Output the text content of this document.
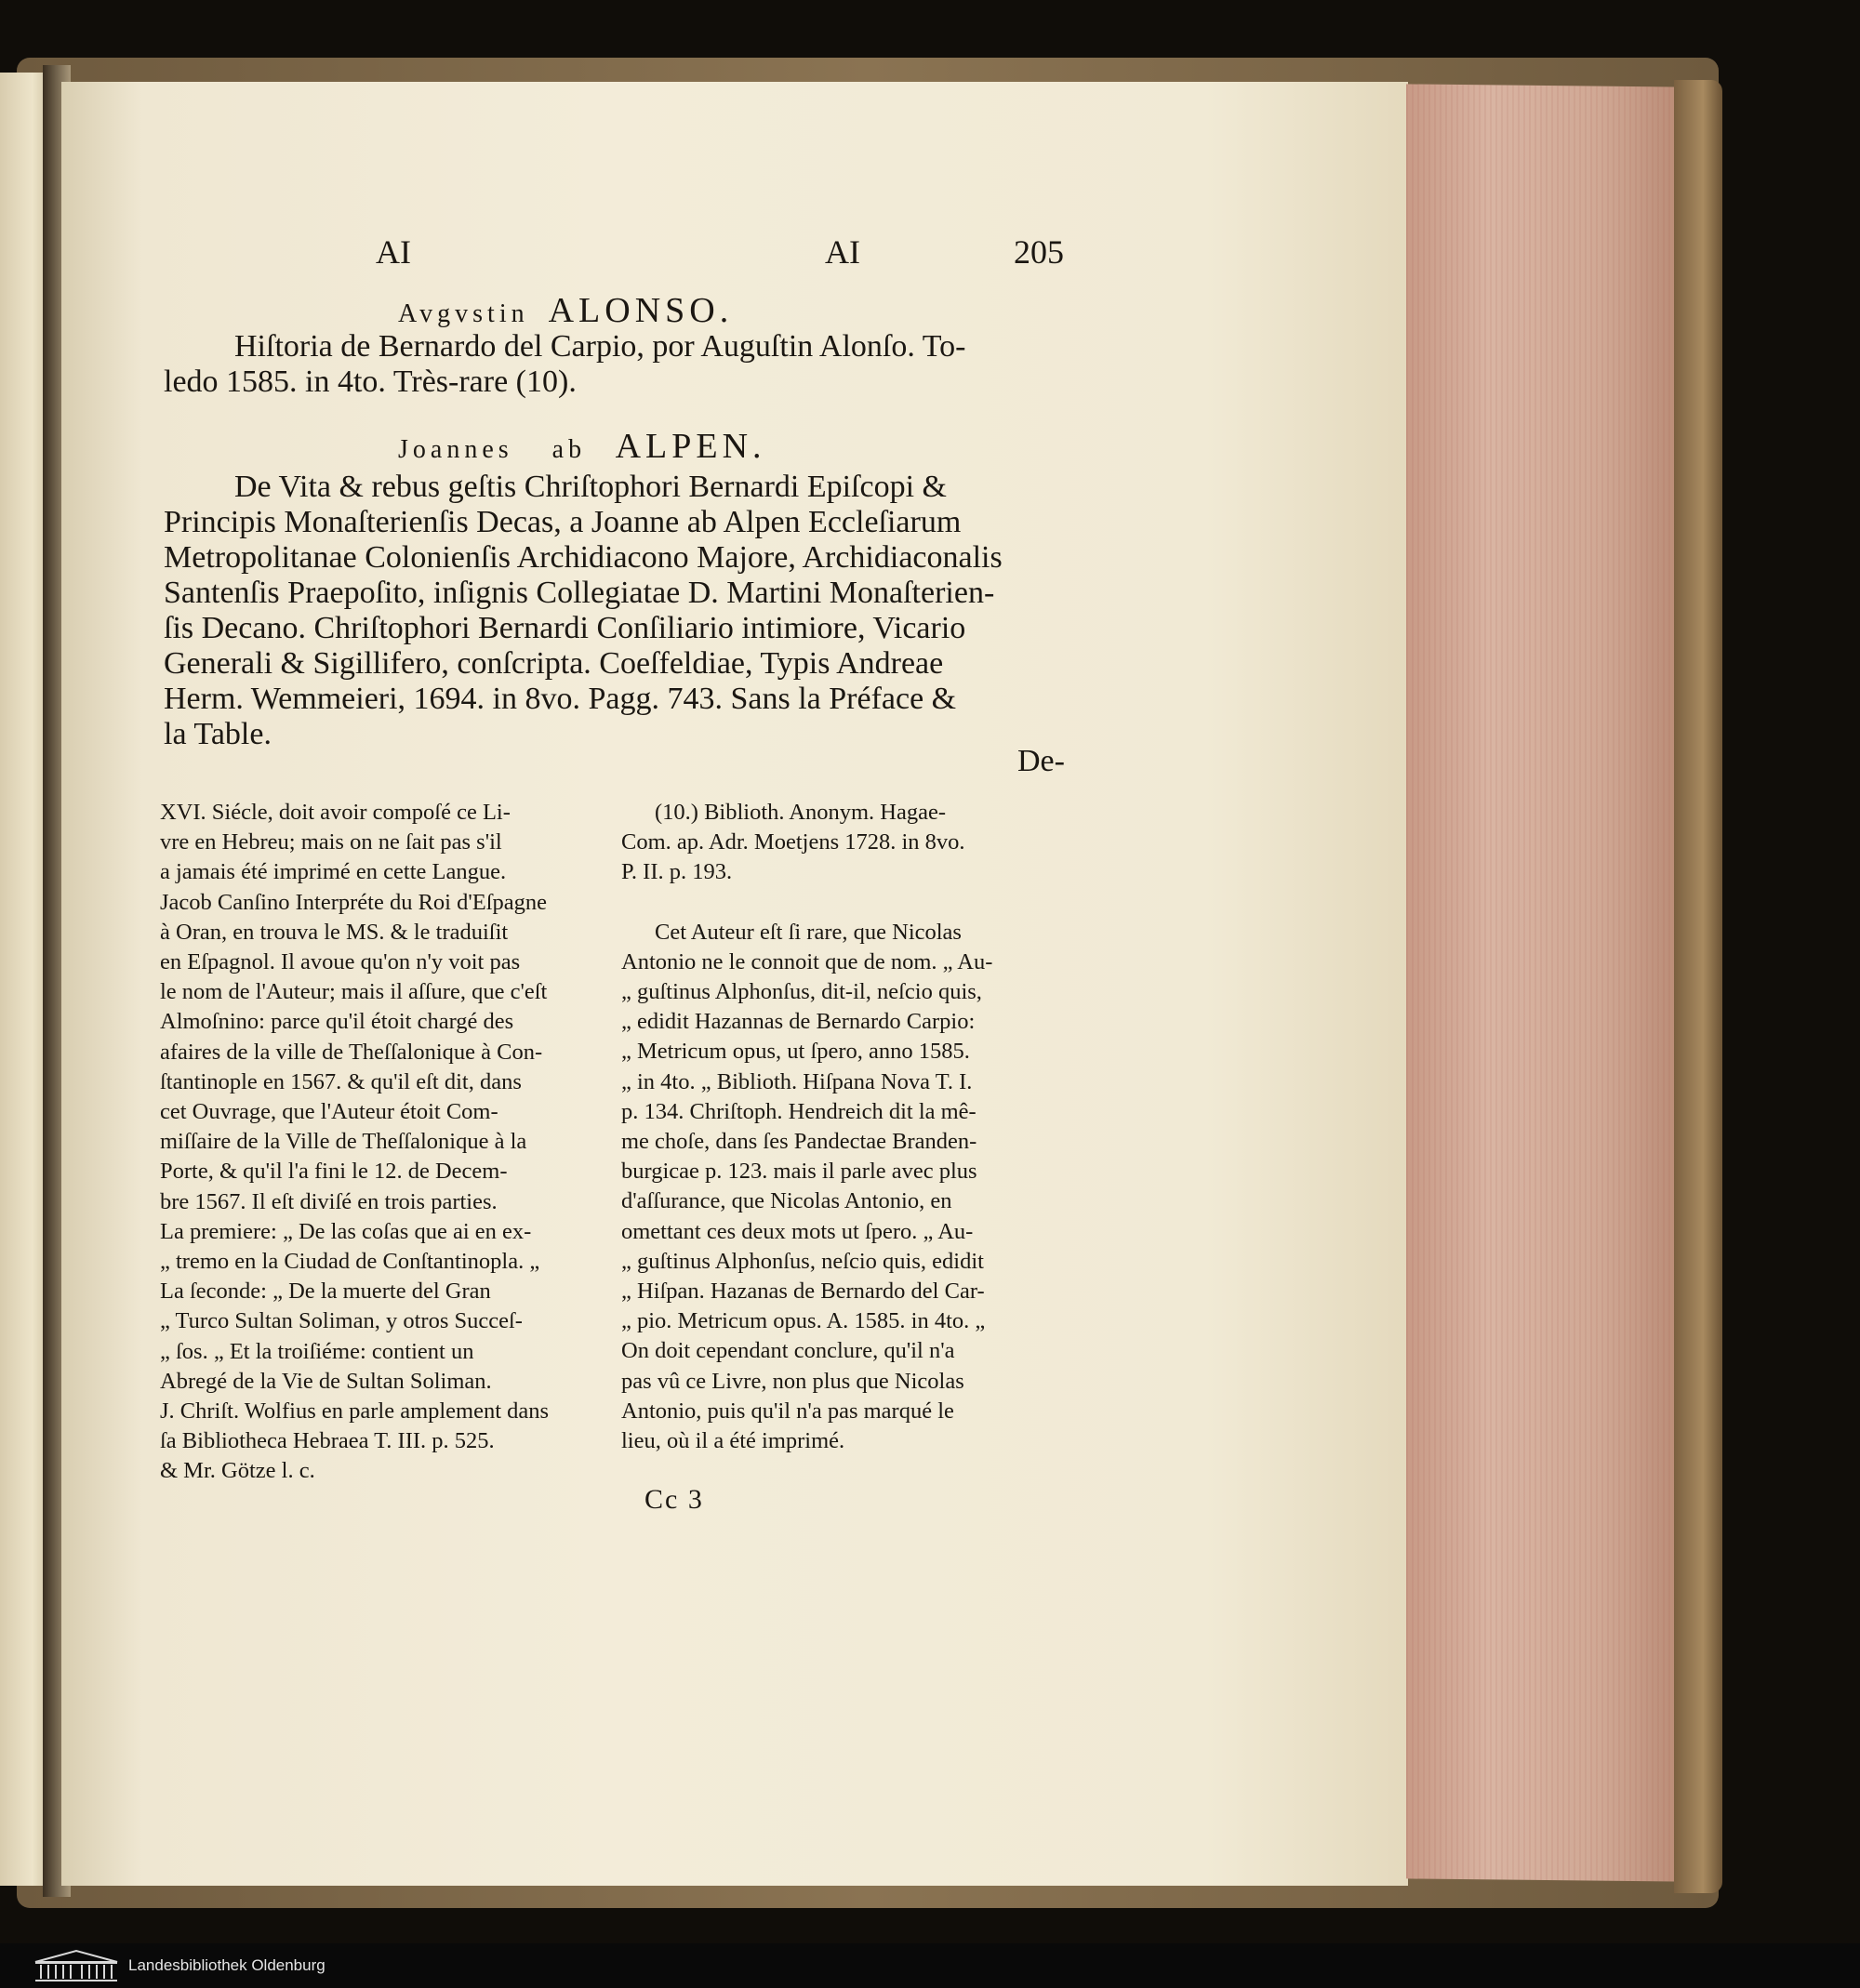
AI	AI	205
Avgvstin ALONSO.
Hiſtoria de Bernardo del Carpio, por Auguſtin Alonſo. To-
ledo 1585. in 4to. Très-rare (10).
Joannes ab ALPEN.
De Vita & rebus geſtis Chriſtophori Bernardi Epiſcopi &
Principis Monaſterienſis Decas, a Joanne ab Alpen Eccleſiarum
Metropolitanae Colonienſis Archidiacono Majore, Archidiaconalis
Santenſis Praepoſito, inſignis Collegiatae D. Martini Monaſterien-
ſis Decano. Chriſtophori Bernardi Conſiliario intimiore, Vicario
Generali & Sigillifero, conſcripta. Coeſfeldiae, Typis Andreae
Herm. Wemmeieri, 1694. in 8vo. Pagg. 743. Sans la Préface &
la Table.
De-
XVI. Siécle, doit avoir compoſé ce Li-
vre en Hebreu; mais on ne ſait pas s'il
a jamais été imprimé en cette Langue.
Jacob Canſino Interpréte du Roi d'Eſpagne
à Oran, en trouva le MS. & le traduiſit
en Eſpagnol. Il avoue qu'on n'y voit pas
le nom de l'Auteur; mais il aſſure, que c'eſt
Almoſnino: parce qu'il étoit chargé des
afaires de la ville de Theſſalonique à Con-
ſtantinople en 1567. & qu'il eſt dit, dans
cet Ouvrage, que l'Auteur étoit Com-
miſſaire de la Ville de Theſſalonique à la
Porte, & qu'il l'a fini le 12. de Decem-
bre 1567. Il eſt diviſé en trois parties.
La premiere: „ De las coſas que ai en ex-
„ tremo en la Ciudad de Conſtantinopla. „
La ſeconde: „ De la muerte del Gran
„ Turco Sultan Soliman, y otros Succeſ-
„ ſos. „ Et la troiſiéme: contient un
Abregé de la Vie de Sultan Soliman.
J. Chriſt. Wolfius en parle amplement dans
ſa Bibliotheca Hebraea T. III. p. 525.
& Mr. Götze l. c.
(10.) Biblioth. Anonym. Hagae-
Com. ap. Adr. Moetjens 1728. in 8vo.
P. II. p. 193.
Cet Auteur eſt ſi rare, que Nicolas
Antonio ne le connoit que de nom. „ Au-
„ guſtinus Alphonſus, dit-il, neſcio quis,
„ edidit Hazannas de Bernardo Carpio:
„ Metricum opus, ut ſpero, anno 1585.
„ in 4to. „ Biblioth. Hiſpana Nova T. I.
p. 134. Chriſtoph. Hendreich dit la mê-
me choſe, dans ſes Pandectae Branden-
burgicae p. 123. mais il parle avec plus
d'aſſurance, que Nicolas Antonio, en
omettant ces deux mots ut ſpero. „ Au-
„ guſtinus Alphonſus, neſcio quis, edidit
„ Hiſpan. Hazanas de Bernardo del Car-
„ pio. Metricum opus. A. 1585. in 4to. „
On doit cependant conclure, qu'il n'a
pas vû ce Livre, non plus que Nicolas
Antonio, puis qu'il n'a pas marqué le
lieu, où il a été imprimé.
Cc 3
Landesbibliothek Oldenburg
